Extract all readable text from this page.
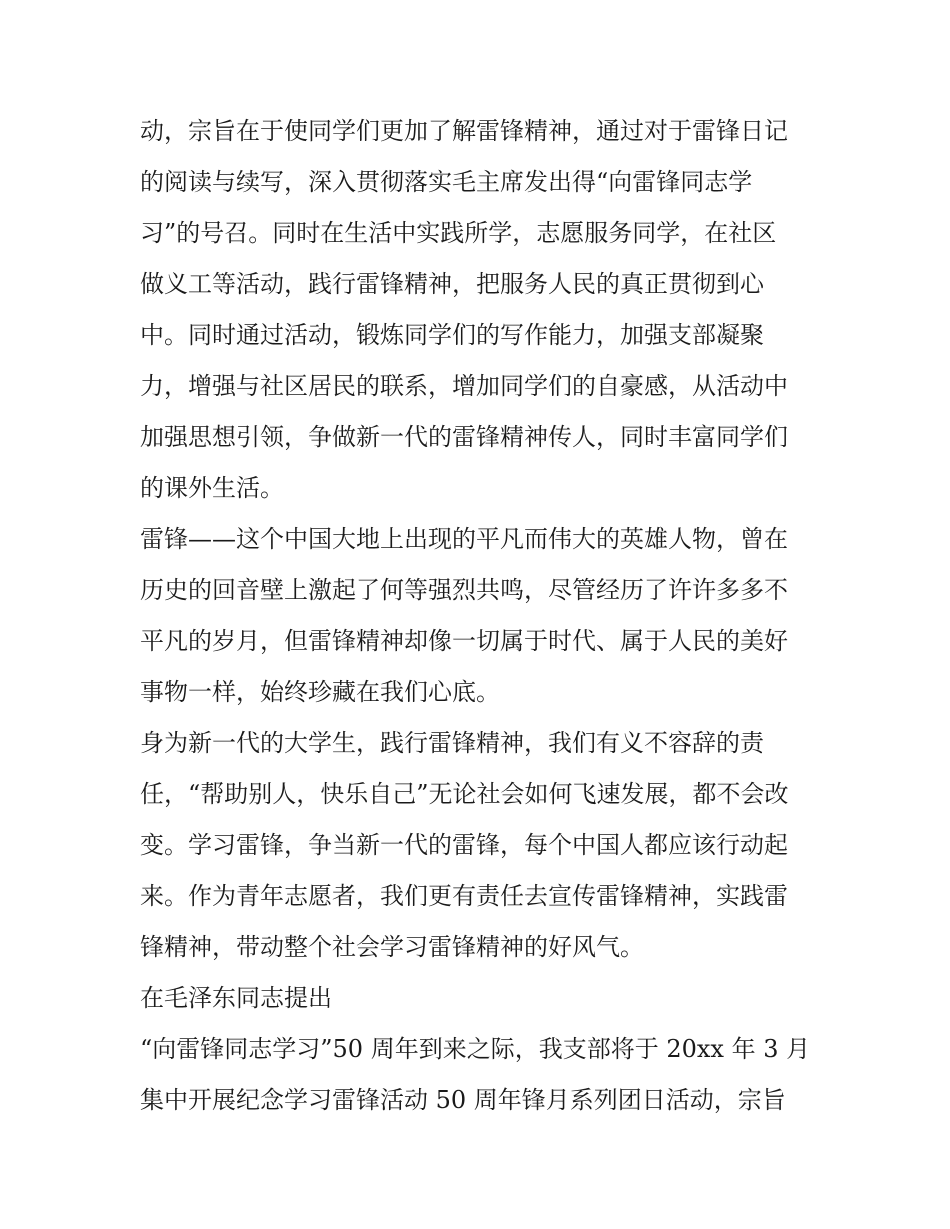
动，宗旨在于使同学们更加了解雷锋精神，通过对于雷锋日记
的阅读与续写，深入贯彻落实毛主席发出得“向雷锋同志学
习”的号召。同时在生活中实践所学，志愿服务同学，在社区
做义工等活动，践行雷锋精神，把服务人民的真正贯彻到心
中。同时通过活动，锻炼同学们的写作能力，加强支部凝聚
力，增强与社区居民的联系，增加同学们的自豪感，从活动中
加强思想引领，争做新一代的雷锋精神传人，同时丰富同学们
的课外生活。
雷锋——这个中国大地上出现的平凡而伟大的英雄人物，曾在
历史的回音壁上激起了何等强烈共鸣，尽管经历了许许多多不
平凡的岁月，但雷锋精神却像一切属于时代、属于人民的美好
事物一样，始终珍藏在我们心底。
身为新一代的大学生，践行雷锋精神，我们有义不容辞的责
任，“帮助别人，快乐自己”无论社会如何飞速发展，都不会改
变。学习雷锋，争当新一代的雷锋，每个中国人都应该行动起
来。作为青年志愿者，我们更有责任去宣传雷锋精神，实践雷
锋精神，带动整个社会学习雷锋精神的好风气。
在毛泽东同志提出
“向雷锋同志学习”50 周年到来之际，我支部将于 20xx 年 3 月
集中开展纪念学习雷锋活动 50 周年锋月系列团日活动，宗旨
